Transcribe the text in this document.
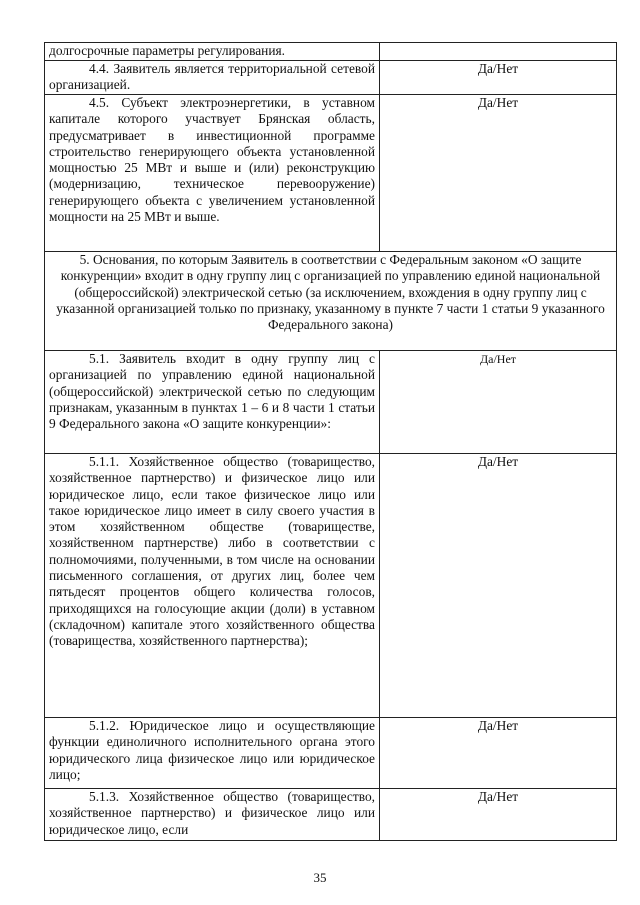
долгосрочные параметры регулирования.	
4.4. Заявитель является территориальной сетевой организацией.	Да/Нет
4.5. Субъект электроэнергетики, в уставном капитале которого участвует Брянская область, предусматривает в инвестиционной программе строительство генерирующего объекта установленной мощностью 25 МВт и выше и (или) реконструкцию (модернизацию, техническое перевооружение) генерирующего объекта с увеличением установленной мощности на 25 МВт и выше.	Да/Нет
5. Основания, по которым Заявитель в соответствии с Федеральным законом «О защите конкуренции» входит в одну группу лиц с организацией по управлению единой национальной (общероссийской) электрической сетью (за исключением, вхождения в одну группу лиц с указанной организацией только по признаку, указанному в пункте 7 части 1 статьи 9 указанного Федерального закона)	
5.1. Заявитель входит в одну группу лиц с организацией по управлению единой национальной (общероссийской) электрической сетью по следующим признакам, указанным в пунктах 1 – 6 и 8 части 1 статьи 9 Федерального закона «О защите конкуренции»:	Да/Нет
5.1.1. Хозяйственное общество (товарищество, хозяйственное партнерство) и физическое лицо или юридическое лицо, если такое физическое лицо или такое юридическое лицо имеет в силу своего участия в этом хозяйственном обществе (товариществе, хозяйственном партнерстве) либо в соответствии с полномочиями, полученными, в том числе на основании письменного соглашения, от других лиц, более чем пятьдесят процентов общего количества голосов, приходящихся на голосующие акции (доли) в уставном (складочном) капитале этого хозяйственного общества (товарищества, хозяйственного партнерства);	Да/Нет
5.1.2. Юридическое лицо и осуществляющие функции единоличного исполнительного органа этого юридического лица физическое лицо или юридическое лицо;	Да/Нет

5.1.3. Хозяйственное общество (товарищество, хозяйственное партнерство) и физическое лицо или юридическое лицо, если	Да/Нет
35
